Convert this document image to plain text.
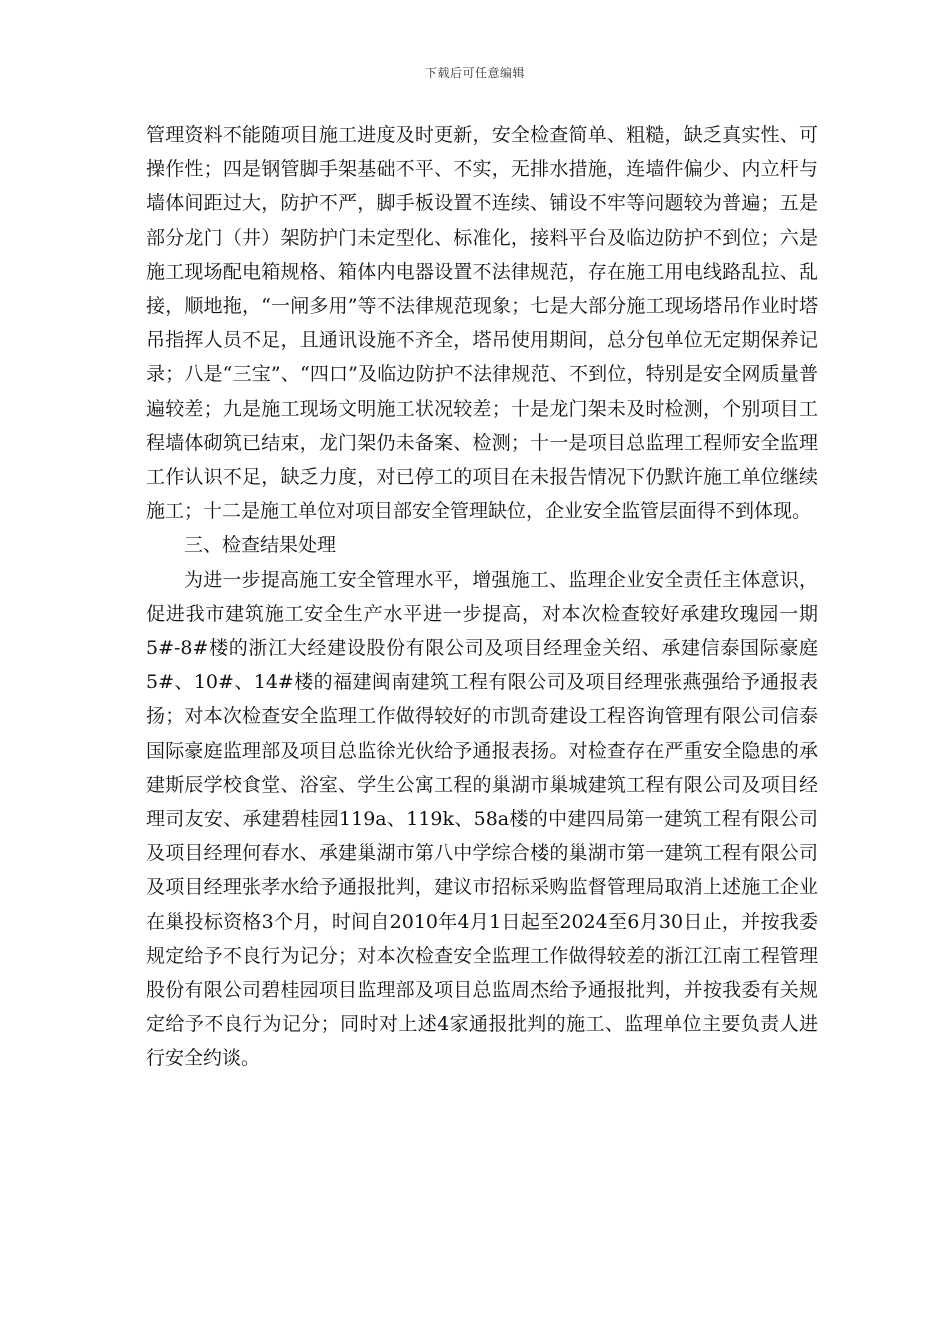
下载后可任意编辑

管理资料不能随项目施工进度及时更新，安全检查简单、粗糙，缺乏真实性、可操作性；四是钢管脚手架基础不平、不实，无排水措施，连墙件偏少、内立杆与墙体间距过大，防护不严，脚手板设置不连续、铺设不牢等问题较为普遍；五是部分龙门（井）架防护门未定型化、标准化，接料平台及临边防护不到位；六是施工现场配电箱规格、箱体内电器设置不法律规范，存在施工用电线路乱拉、乱接，顺地拖，“一闸多用”等不法律规范现象；七是大部分施工现场塔吊作业时塔吊指挥人员不足，且通讯设施不齐全，塔吊使用期间，总分包单位无定期保养记录；八是“三宝”、“四口”及临边防护不法律规范、不到位，特别是安全网质量普遍较差；九是施工现场文明施工状况较差；十是龙门架未及时检测，个别项目工程墙体砌筑已结束，龙门架仍未备案、检测；十一是项目总监理工程师安全监理工作认识不足，缺乏力度，对已停工的项目在未报告情况下仍默许施工单位继续施工；十二是施工单位对项目部安全管理缺位，企业安全监管层面得不到体现。

三、检查结果处理

为进一步提高施工安全管理水平，增强施工、监理企业安全责任主体意识，促进我市建筑施工安全生产水平进一步提高，对本次检查较好承建玫瑰园一期5#-8#楼的浙江大经建设股份有限公司及项目经理金关绍、承建信泰国际豪庭5#、10#、14#楼的福建闽南建筑工程有限公司及项目经理张燕强给予通报表扬；对本次检查安全监理工作做得较好的市凯奇建设工程咨询管理有限公司信泰国际豪庭监理部及项目总监徐光伙给予通报表扬。对检查存在严重安全隐患的承建斯辰学校食堂、浴室、学生公寓工程的巢湖市巢城建筑工程有限公司及项目经理司友安、承建碧桂园119a、119k、58a楼的中建四局第一建筑工程有限公司及项目经理何春水、承建巢湖市第八中学综合楼的巢湖市第一建筑工程有限公司及项目经理张孝水给予通报批判，建议市招标采购监督管理局取消上述施工企业在巢投标资格3个月，时间自2010年4月1日起至2024至6月30日止，并按我委规定给予不良行为记分；对本次检查安全监理工作做得较差的浙江江南工程管理股份有限公司碧桂园项目监理部及项目总监周杰给予通报批判，并按我委有关规定给予不良行为记分；同时对上述4家通报批判的施工、监理单位主要负责人进行安全约谈。
